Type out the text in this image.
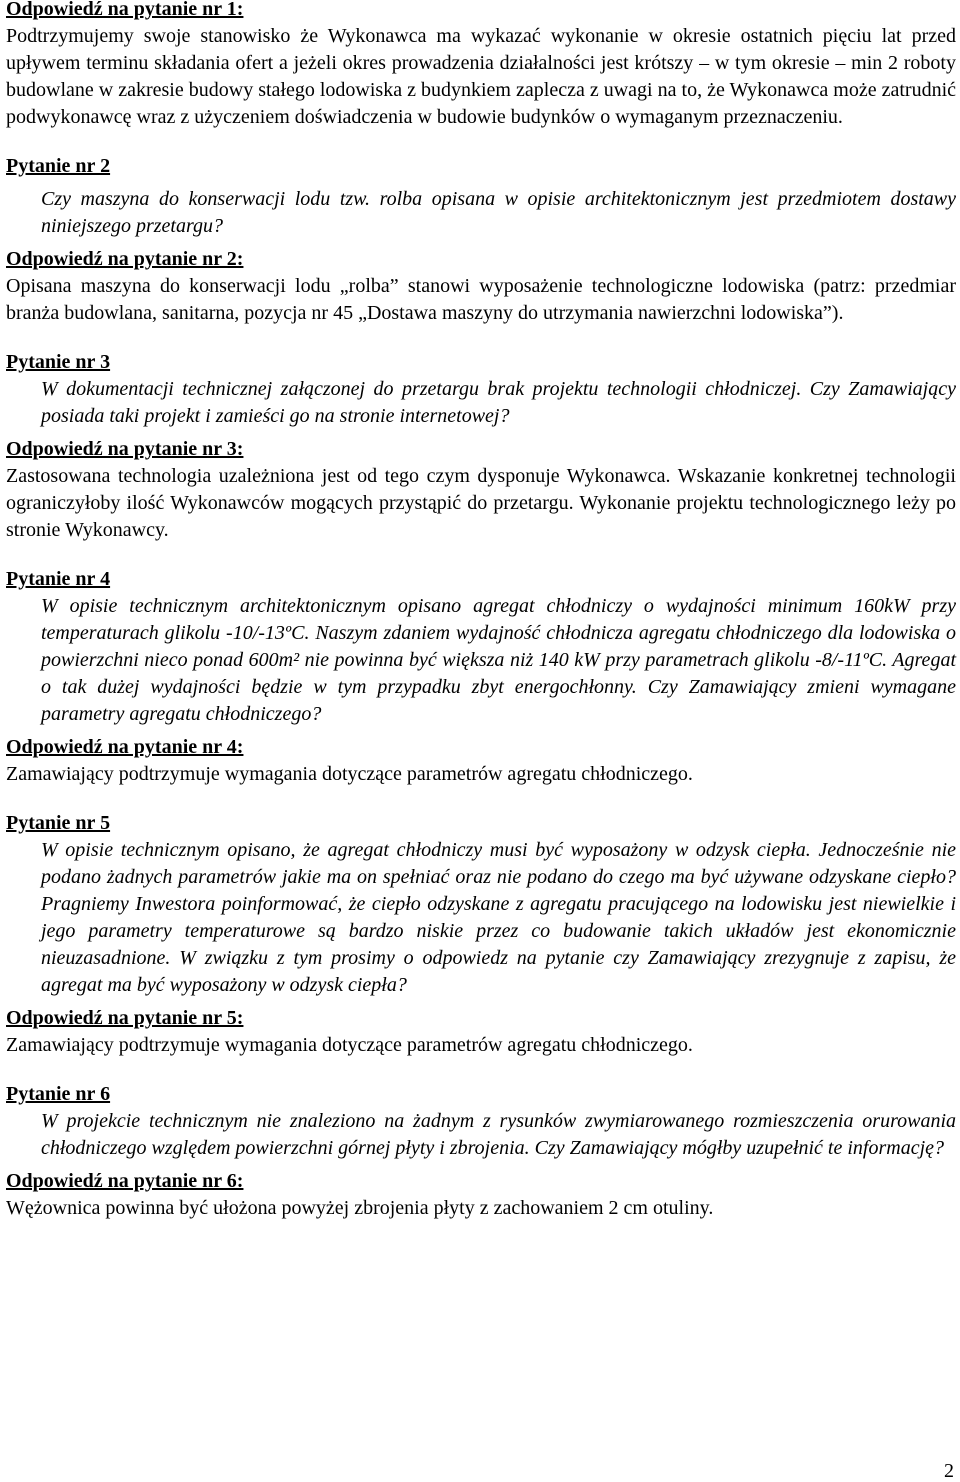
Odpowiedź na pytanie nr 1:

Podtrzymujemy swoje stanowisko że Wykonawca ma wykazać wykonanie w okresie ostatnich pięciu lat przed upływem terminu składania ofert a jeżeli okres prowadzenia działalności jest krótszy – w tym okresie – min 2 roboty budowlane w zakresie budowy stałego lodowiska z budynkiem zaplecza z uwagi na to, że Wykonawca może zatrudnić podwykonawcę wraz z użyczeniem doświadczenia w budowie budynków o wymaganym przeznaczeniu.

Pytanie nr 2

Czy maszyna do konserwacji lodu tzw. rolba opisana w opisie architektonicznym jest przedmiotem dostawy niniejszego przetargu?

Odpowiedź na pytanie nr 2:

Opisana maszyna do konserwacji lodu „rolba” stanowi wyposażenie technologiczne lodowiska (patrz: przedmiar branża budowlana, sanitarna, pozycja nr 45 „Dostawa maszyny do utrzymania nawierzchni lodowiska”).

Pytanie nr 3

W dokumentacji technicznej załączonej do przetargu brak projektu technologii chłodniczej. Czy Zamawiający posiada taki projekt i zamieści go na stronie internetowej?

Odpowiedź na pytanie nr 3:

Zastosowana technologia uzależniona jest od tego czym dysponuje Wykonawca. Wskazanie konkretnej technologii ograniczyłoby ilość Wykonawców mogących przystąpić do przetargu. Wykonanie projektu technologicznego leży po stronie Wykonawcy.

Pytanie nr 4

W opisie technicznym architektonicznym opisano agregat chłodniczy o wydajności minimum 160kW przy temperaturach glikolu -10/-13ºC. Naszym zdaniem wydajność chłodnicza agregatu chłodniczego dla lodowiska o powierzchni nieco ponad 600m² nie powinna być większa niż 140 kW przy parametrach glikolu -8/-11ºC. Agregat o tak dużej wydajności będzie w tym przypadku zbyt energochłonny. Czy Zamawiający zmieni wymagane parametry agregatu chłodniczego?

Odpowiedź na pytanie nr 4:

Zamawiający podtrzymuje wymagania dotyczące parametrów agregatu chłodniczego.

Pytanie nr 5

W opisie technicznym opisano, że agregat chłodniczy musi być wyposażony w odzysk ciepła. Jednocześnie nie podano żadnych parametrów jakie ma on spełniać oraz nie podano do czego ma być używane odzyskane ciepło? Pragniemy Inwestora poinformować, że ciepło odzyskane z agregatu pracującego na lodowisku jest niewielkie i jego parametry temperaturowe są bardzo niskie przez co budowanie takich układów jest ekonomicznie nieuzasadnione. W związku z tym prosimy o odpowiedz na pytanie czy Zamawiający zrezygnuje z zapisu, że agregat ma być wyposażony w odzysk ciepła?

Odpowiedź na pytanie nr 5:

Zamawiający podtrzymuje wymagania dotyczące parametrów agregatu chłodniczego.

Pytanie nr 6

W projekcie technicznym nie znaleziono na żadnym z rysunków zwymiarowanego rozmieszczenia orurowania chłodniczego względem powierzchni górnej płyty i zbrojenia. Czy Zamawiający mógłby uzupełnić te informację?

Odpowiedź na pytanie nr 6:

Wężownica powinna być ułożona powyżej zbrojenia płyty z zachowaniem 2 cm otuliny.

2
